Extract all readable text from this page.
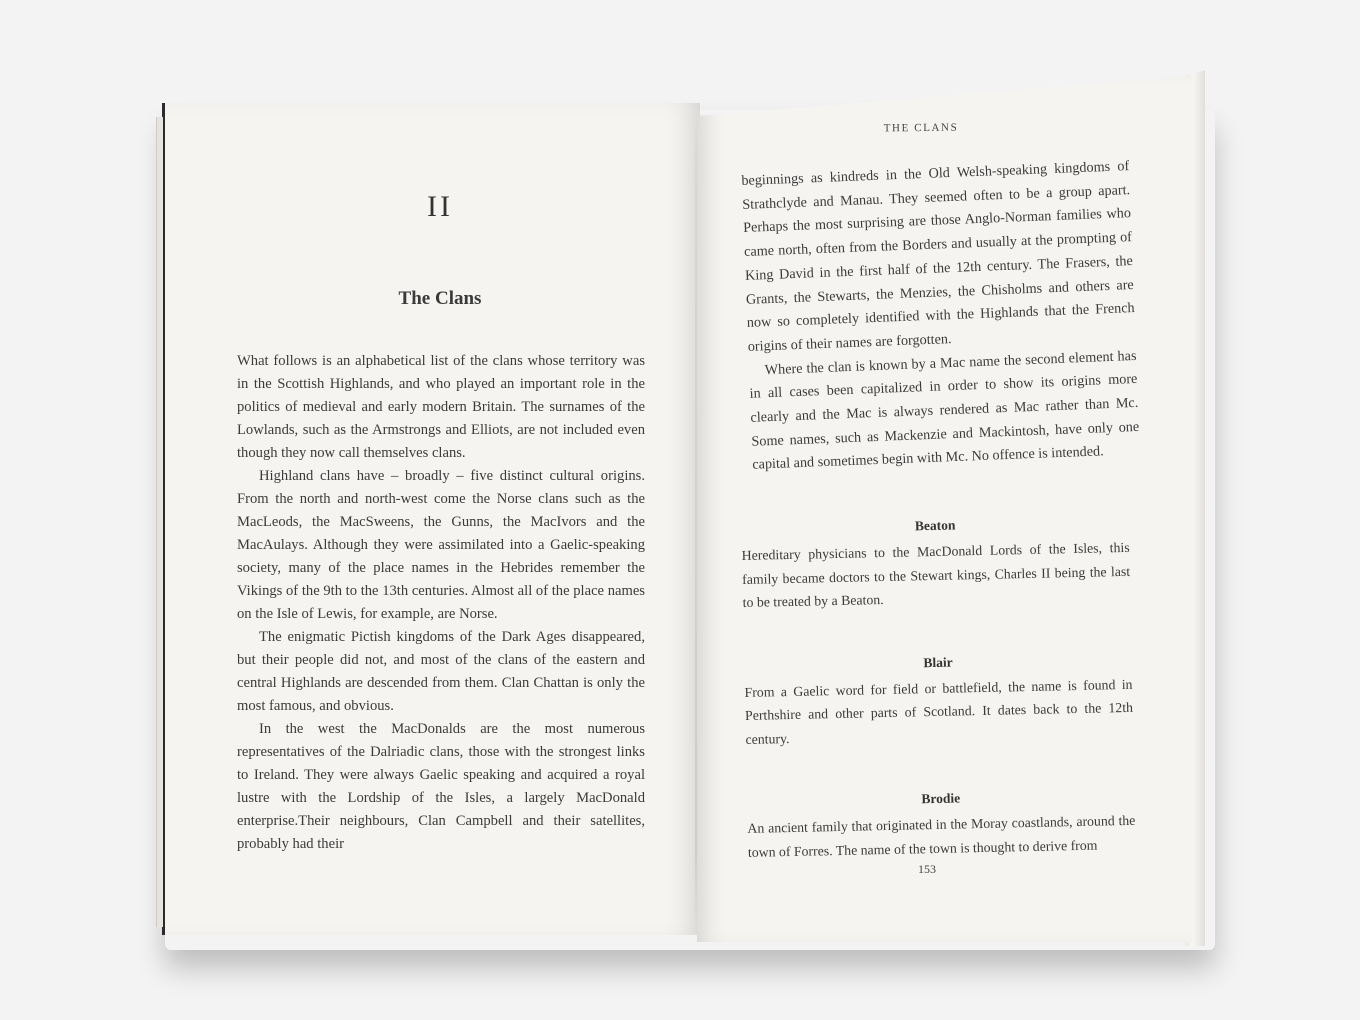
II
The Clans

What follows is an alphabetical list of the clans whose territory was in the Scottish Highlands, and who played an important role in the politics of medieval and early modern Britain. The surnames of the Lowlands, such as the Armstrongs and Elliots, are not included even though they now call themselves clans.

Highland clans have – broadly – five distinct cultural origins. From the north and north-west come the Norse clans such as the MacLeods, the MacSweens, the Gunns, the MacIvors and the MacAulays. Although they were assimilated into a Gaelic-speaking society, many of the place names in the Hebrides remember the Vikings of the 9th to the 13th centuries. Almost all of the place names on the Isle of Lewis, for example, are Norse.

The enigmatic Pictish kingdoms of the Dark Ages disappeared, but their people did not, and most of the clans of the eastern and central Highlands are descended from them. Clan Chattan is only the most famous, and obvious.

In the west the MacDonalds are the most numerous representatives of the Dalriadic clans, those with the strongest links to Ireland. They were always Gaelic speaking and acquired a royal lustre with the Lordship of the Isles, a largely MacDonald enterprise.Their neighbours, Clan Campbell and their satellites, probably had their

THE CLANS

beginnings as kindreds in the Old Welsh-speaking kingdoms of Strathclyde and Manau. They seemed often to be a group apart. Perhaps the most surprising are those Anglo-Norman families who came north, often from the Borders and usually at the prompting of King David in the first half of the 12th century. The Frasers, the Grants, the Stewarts, the Menzies, the Chisholms and others are now so completely identified with the Highlands that the French origins of their names are forgotten.

Where the clan is known by a Mac name the second element has in all cases been capitalized in order to show its origins more clearly and the Mac is always rendered as Mac rather than Mc. Some names, such as Mackenzie and Mackintosh, have only one capital and sometimes begin with Mc. No offence is intended.

Beaton

Hereditary physicians to the MacDonald Lords of the Isles, this family became doctors to the Stewart kings, Charles II being the last to be treated by a Beaton.

Blair

From a Gaelic word for field or battlefield, the name is found in Perthshire and other parts of Scotland. It dates back to the 12th century.

Brodie

An ancient family that originated in the Moray coastlands, around the town of Forres. The name of the town is thought to derive from

153
